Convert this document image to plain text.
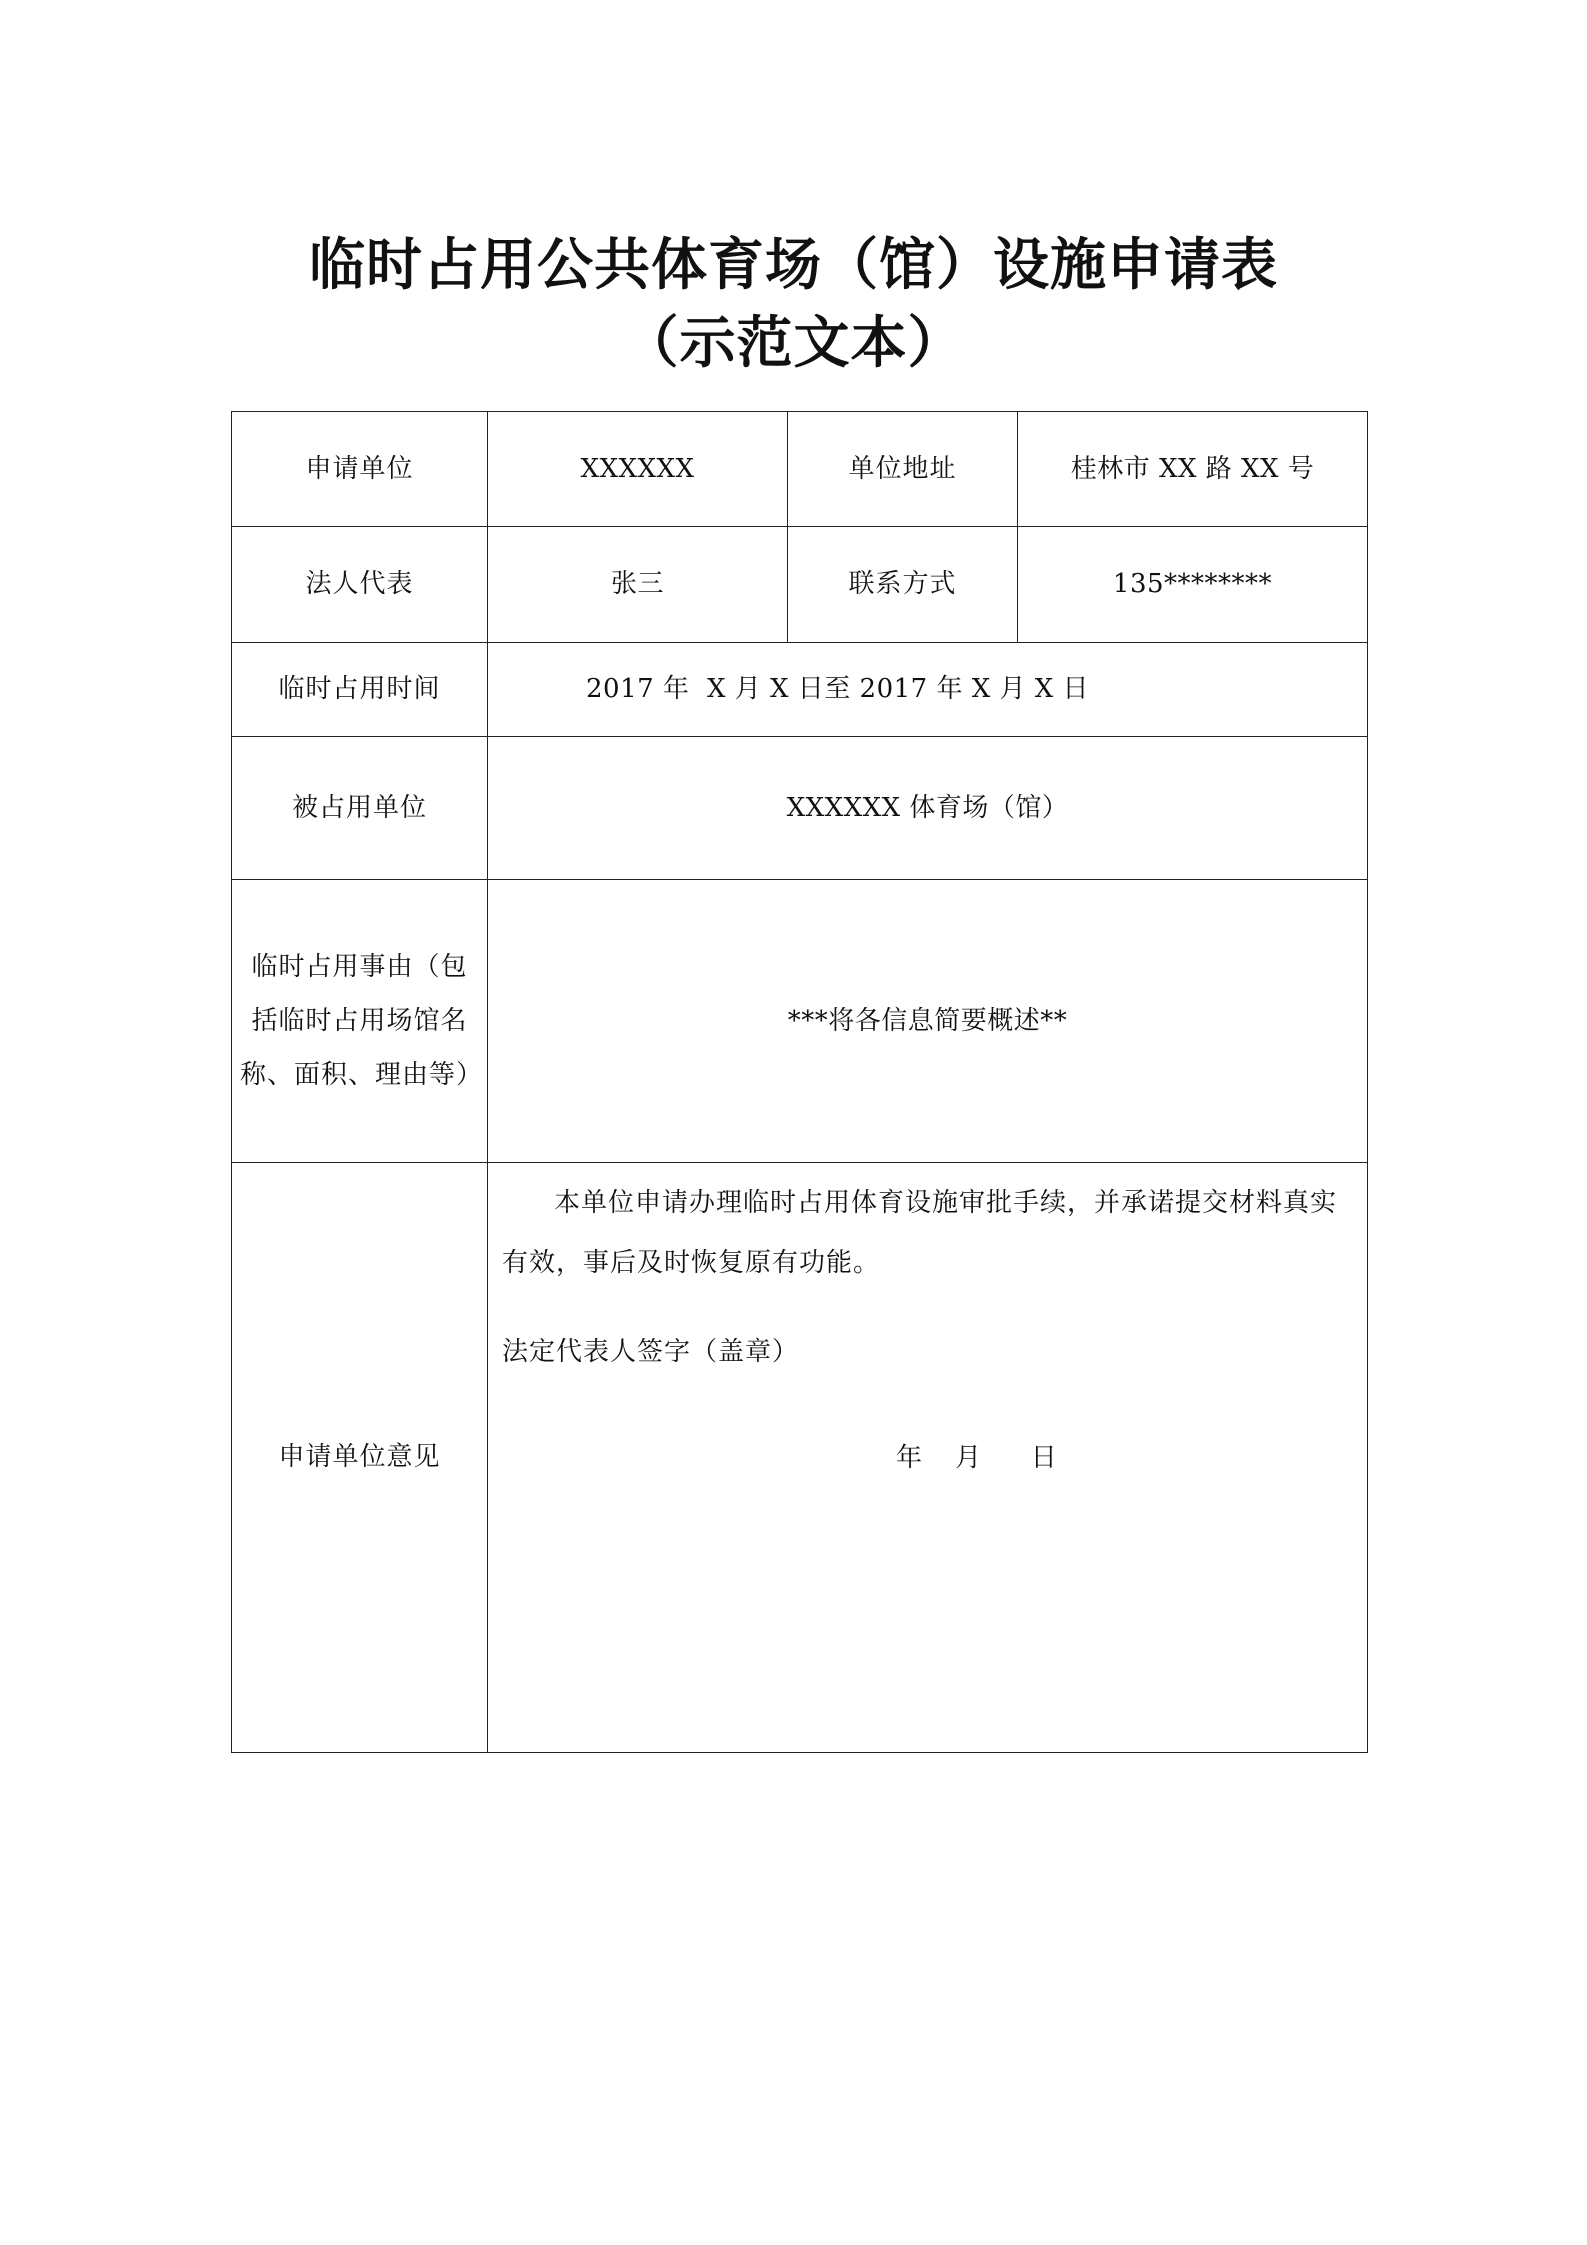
临时占用公共体育场（馆）设施申请表
（示范文本）
申请单位	XXXXXX	单位地址	桂林市 XX 路 XX 号
法人代表	张三	联系方式	135********
临时占用时间	2017 年  X 月 X 日至 2017 年 X 月 X 日		
被占用单位	XXXXXX 体育场（馆）		
临时占用事由（包
括临时占用场馆名
称、面积、理由等）	***将各信息简要概述**		
申请单位意见	本单位申请办理临时占用体育设施审批手续，并承诺提交材料真实有效，事后及时恢复原有功能。

法定代表人签字（盖章）

年 月 日		
